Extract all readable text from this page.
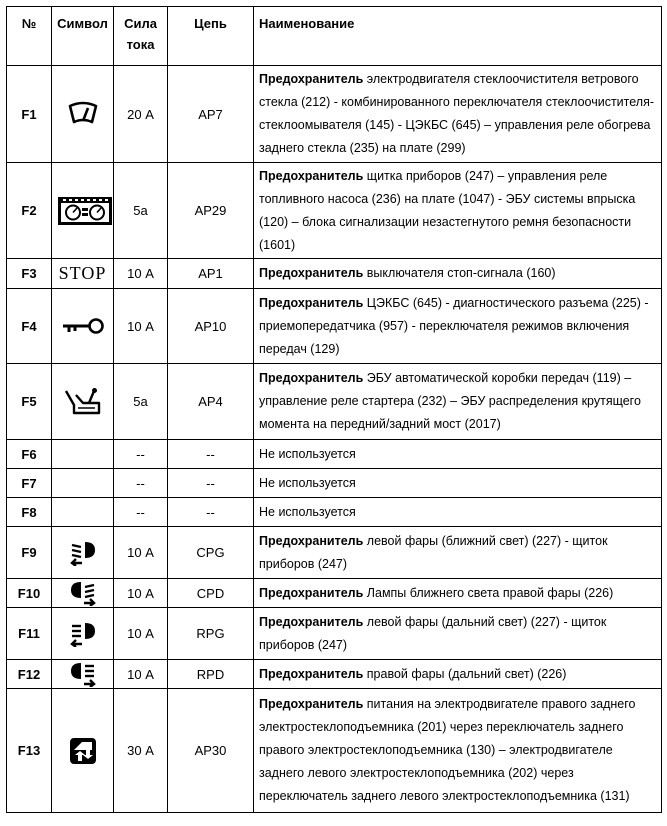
№	Символ	Сила тока	Цепь	Наименование
F1		20 А	АР7	Предохранитель электродвигателя стеклоочистителя ветрового стекла (212) - комбинированного переключателя стеклоочистителя-стеклоомывателя (145) - ЦЭКБС (645) – управления реле обогрева заднего стекла (235) на плате (299)
F2		5а	АР29	Предохранитель щитка приборов (247) – управления реле топливного насоса (236) на плате (1047) - ЭБУ системы впрыска (120) – блока сигнализации незастегнутого ремня безопасности (1601)
F3	STOP	10 А	АР1	Предохранитель выключателя стоп-сигнала (160)
F4		10 А	АР10	Предохранитель ЦЭКБС (645) - диагностического разъема (225) - приемопередатчика (957) - переключателя режимов включения передач (129)
F5		5а	АР4	Предохранитель ЭБУ автоматической коробки передач (119) – управление реле стартера (232) – ЭБУ распределения крутящего момента на передний/задний мост (2017)
F6		--	--	Не используется
F7		--	--	Не используется
F8		--	--	Не используется
F9		10 А	CPG	Предохранитель левой фары (ближний свет) (227) - щиток приборов (247)
F10		10 А	CPD	Предохранитель Лампы ближнего света правой фары (226)
F11		10 А	RPG	Предохранитель левой фары (дальний свет) (227) - щиток приборов (247)
F12		10 А	RPD	Предохранитель правой фары (дальний свет) (226)
F13		30 А	АР30	Предохранитель питания на электродвигателе правого заднего электростеклоподъемника (201) через переключатель заднего правого электростеклоподъемника (130) – электродвигателе заднего левого электростеклоподъемника (202) через переключатель заднего левого электростеклоподъемника (131)
